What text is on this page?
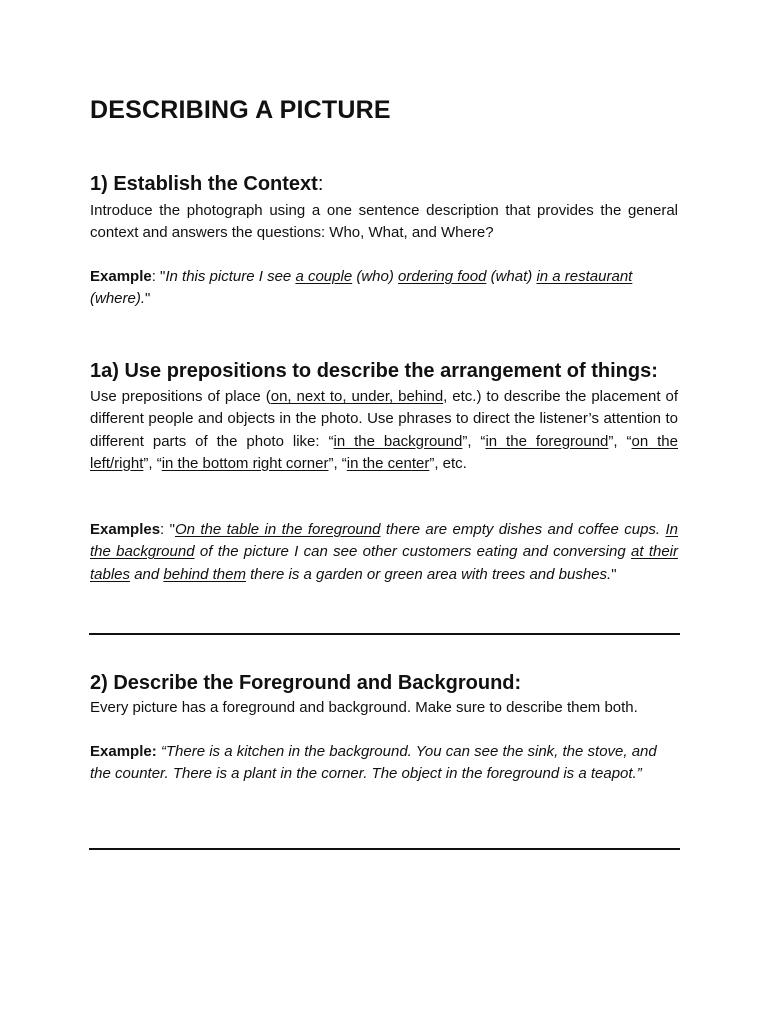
DESCRIBING A PICTURE
1) Establish the Context:
Introduce the photograph using a one sentence description that provides the general context and answers the questions: Who, What, and Where?
Example: "In this picture I see a couple (who) ordering food (what) in a restaurant (where)."
1a) Use prepositions to describe the arrangement of things:
Use prepositions of place (on, next to, under, behind, etc.) to describe the placement of different people and objects in the photo. Use phrases to direct the listener’s attention to different parts of the photo like: “in the background”, “in the foreground”, “on the left/right”, “in the bottom right corner”, “in the center”, etc.
Examples: "On the table in the foreground there are empty dishes and coffee cups. In the background of the picture I can see other customers eating and conversing at their tables and behind them there is a garden or green area with trees and bushes."
2) Describe the Foreground and Background:
Every picture has a foreground and background. Make sure to describe them both.
Example: “There is a kitchen in the background. You can see the sink, the stove, and the counter. There is a plant in the corner. The object in the foreground is a teapot.”
